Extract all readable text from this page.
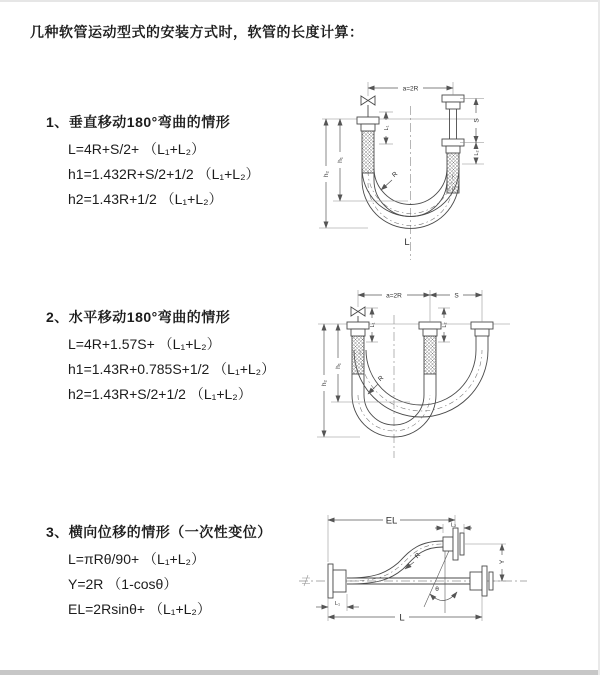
几种软管运动型式的安装方式时，软管的长度计算：
1、垂直移动180°弯曲的情形
L=4R+S/2+ （L₁+L₂）
h1=1.432R+S/2+1/2 （L₁+L₂）
h2=1.43R+1/2 （L₁+L₂）
2、水平移动180°弯曲的情形
L=4R+1.57S+ （L₁+L₂）
h1=1.43R+0.785S+1/2 （L₁+L₂）
h2=1.43R+S/2+1/2 （L₁+L₂）
3、横向位移的情形（一次性变位）
L=πRθ/90+ （L₁+L₂）
Y=2R （1-cosθ）
EL=2Rsinθ+ （L₁+L₂）
a=2R
S
L₂
L₁
h₁
h₂	R
L
a=2R	S
h₁
h₂
L₁	L₂
R
EL	L₂
Y
θ
R
L
L₁
